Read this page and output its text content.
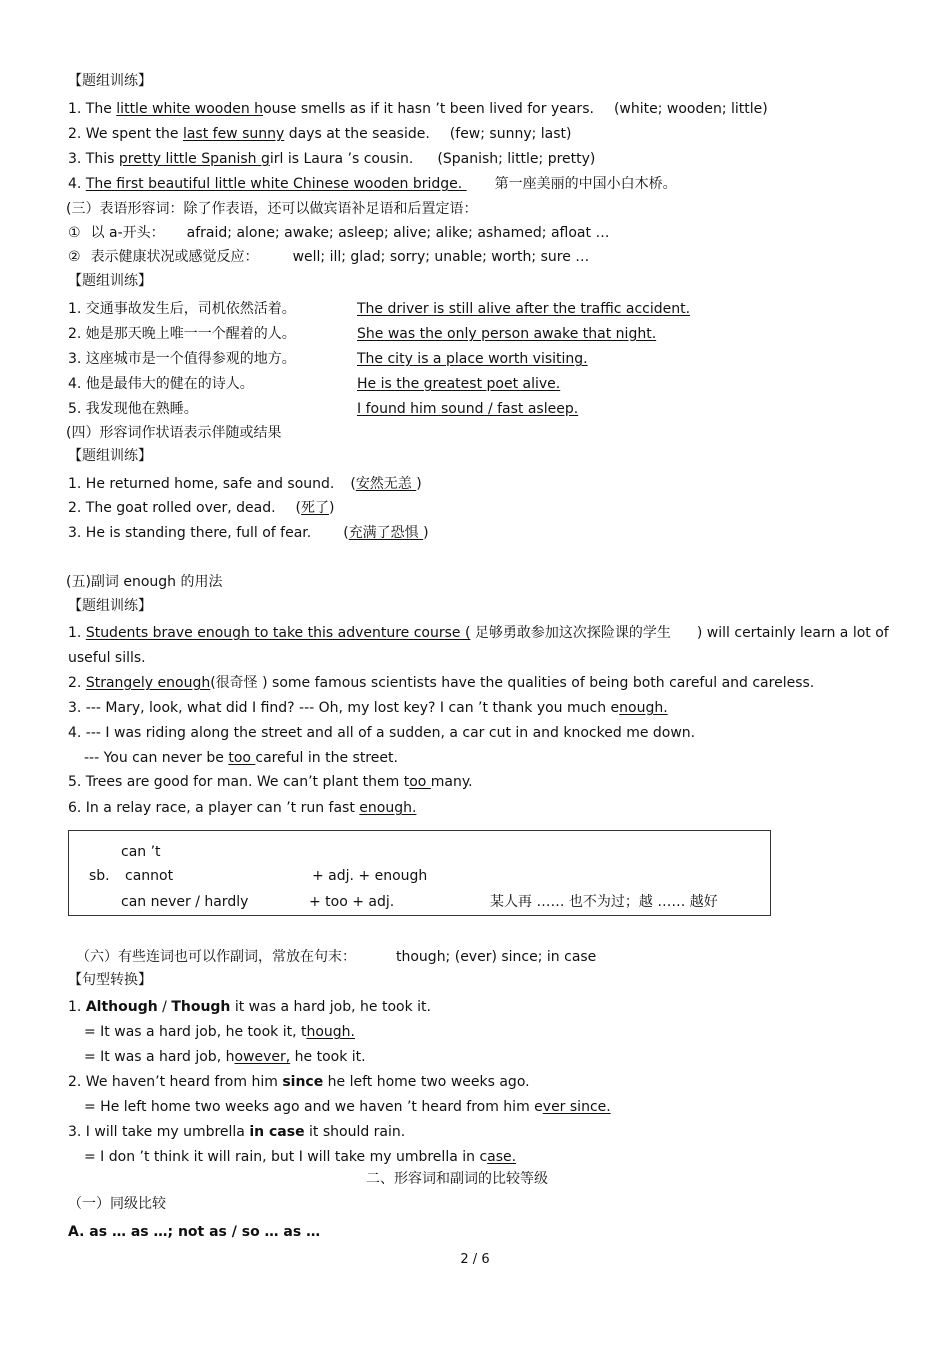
【题组训练】
1. The little white wooden house smells as if it hasn ’t been lived for years. (white; wooden; little)
2. We spent the last few sunny days at the seaside. (few; sunny; last)
3. This pretty little Spanish girl is Laura ’s cousin. (Spanish; little; pretty)
4. The first beautiful little white Chinese wooden bridge. 第一座美丽的中国小白木桥。
(三）表语形容词：除了作表语，还可以做宾语补足语和后置定语：
① 以 a-开头： afraid; alone; awake; asleep; alive; alike; ashamed; afloat …
② 表示健康状况或感觉反应： well; ill; glad; sorry; unable; worth; sure …
【题组训练】
1. 交通事故发生后，司机依然活着。	The driver is still alive after the traffic accident.
2. 她是那天晚上唯一一个醒着的人。	She was the only person awake that night.
3. 这座城市是一个值得参观的地方。	The city is a place worth visiting.
4. 他是最伟大的健在的诗人。	He is the greatest poet alive.
5. 我发现他在熟睡。	I found him sound / fast asleep.
(四）形容词作状语表示伴随或结果
【题组训练】
1. He returned home, safe and sound. (安然无恙 )
2. The goat rolled over, dead. (死了)
3. He is standing there, full of fear. (充满了恐惧 )
(五)副词 enough 的用法
【题组训练】
1. Students brave enough to take this adventure course ( 足够勇敢参加这次探险课的学生 ) will certainly learn a lot of
useful sills.
2. Strangely enough(很奇怪 ) some famous scientists have the qualities of being both careful and careless.
3. --- Mary, look, what did I find? --- Oh, my lost key? I can ’t thank you much enough.
4. --- I was riding along the street and all of a sudden, a car cut in and knocked me down.
--- You can never be too careful in the street.
5. Trees are good for man. We can’t plant them too many.
6. In a relay race, a player can ’t run fast enough.
can ’t
sb. cannot	+ adj. + enough
can never / hardly	+ too + adj.	某人再 …… 也不为过；越 …… 越好
（六）有些连词也可以作副词，常放在句末：	though; (ever) since; in case
【句型转换】
1. Although / Though it was a hard job, he took it.
= It was a hard job, he took it, though.
= It was a hard job, however, he took it.
2. We haven’t heard from him since he left home two weeks ago.
= He left home two weeks ago and we haven ’t heard from him ever since.
3. I will take my umbrella in case it should rain.
= I don ’t think it will rain, but I will take my umbrella in case.
二、形容词和副词的比较等级
（一）同级比较
A. as … as …; not as / so … as …
2 / 6
